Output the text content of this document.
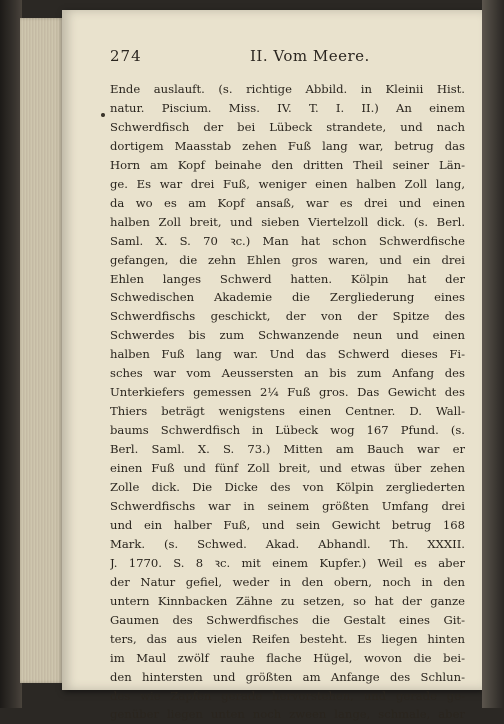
274	II. Vom Meere.
Ende auslauft. (s. richtige Abbild. in Kleinii Hist.
natur. Piscium. Miss. IV. T. I. II.) An einem
Schwerdfisch der bei Lübeck strandete, und nach
dortigem Maasstab zehen Fuß lang war, betrug das
Horn am Kopf beinahe den dritten Theil seiner Län-
ge. Es war drei Fuß, weniger einen halben Zoll lang,
da wo es am Kopf ansaß, war es drei und einen
halben Zoll breit, und sieben Viertelzoll dick. (s. Berl.
Saml. X. S. 70 ꝛc.) Man hat schon Schwerdfische
gefangen, die zehn Ehlen gros waren, und ein drei
Ehlen langes Schwerd hatten. Kölpin hat der
Schwedischen Akademie die Zergliederung eines
Schwerdfischs geschickt, der von der Spitze des
Schwerdes bis zum Schwanzende neun und einen
halben Fuß lang war. Und das Schwerd dieses Fi-
sches war vom Aeussersten an bis zum Anfang des
Unterkiefers gemessen 2¼ Fuß gros. Das Gewicht des
Thiers beträgt wenigstens einen Centner. D. Wall-
baums Schwerdfisch in Lübeck wog 167 Pfund. (s.
Berl. Saml. X. S. 73.) Mitten am Bauch war er
einen Fuß und fünf Zoll breit, und etwas über zehen
Zolle dick. Die Dicke des von Kölpin zergliederten
Schwerdfischs war in seinem größten Umfang drei
und ein halber Fuß, und sein Gewicht betrug 168
Mark. (s. Schwed. Akad. Abhandl. Th. XXXII.
J. 1770. S. 8 ꝛc. mit einem Kupfer.) Weil es aber
der Natur gefiel, weder in den obern, noch in den
untern Kinnbacken Zähne zu setzen, so hat der ganze
Gaumen des Schwerdfisches die Gestalt eines Git-
ters, das aus vielen Reifen besteht. Es liegen hinten
im Maul zwölf rauhe flache Hügel, wovon die bei-
den hintersten und größten am Anfange des Schlun-
des wie Zapfen gerade hervorstehen, und gerade ge-
genüber liegen unten noch zween lange, schmale, aber
